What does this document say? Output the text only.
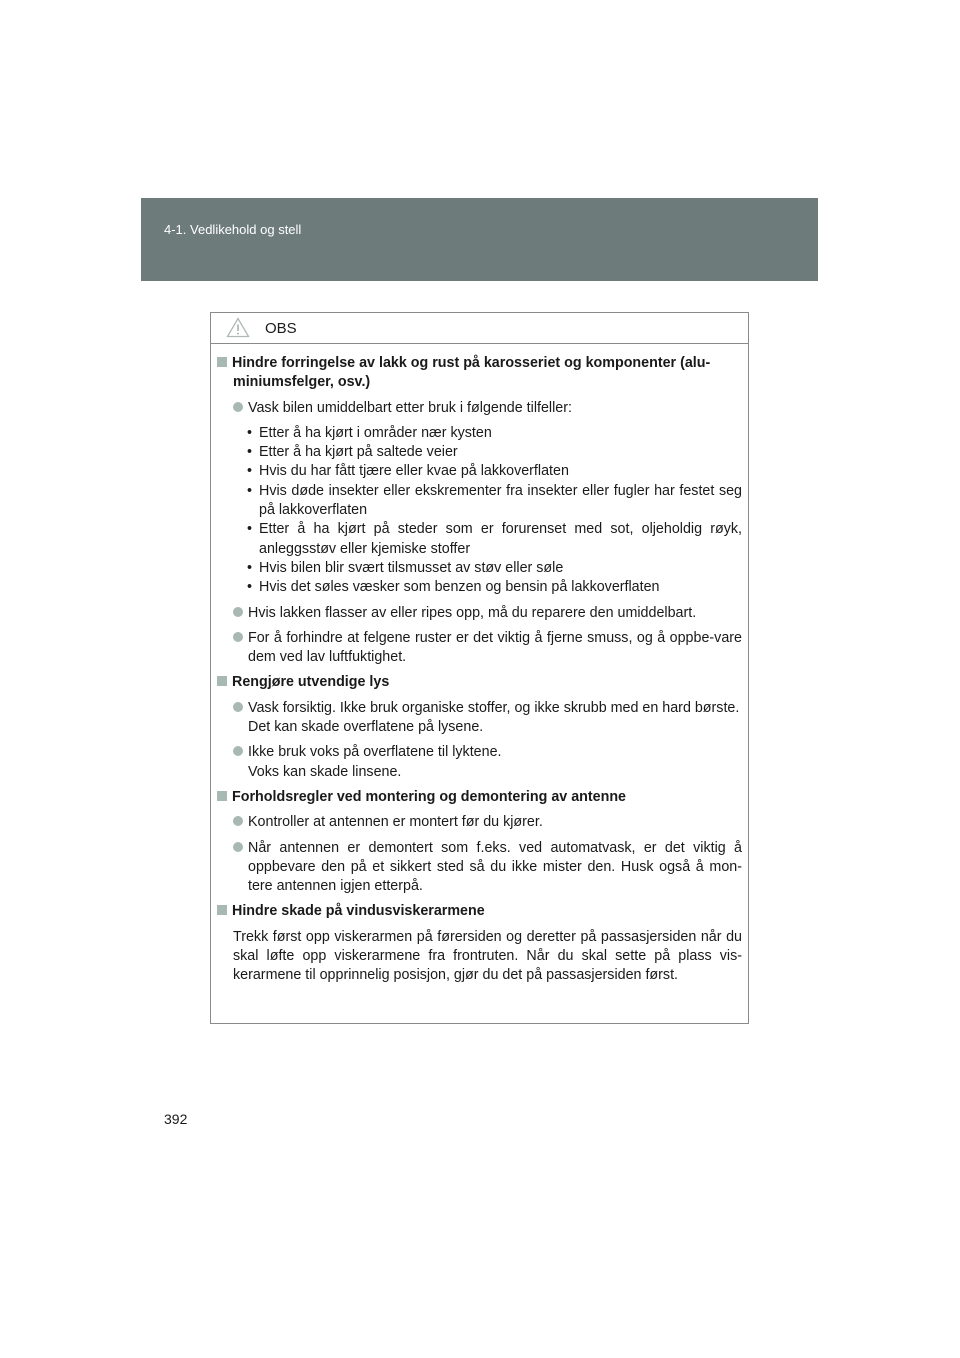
4-1. Vedlikehold og stell
OBS

Hindre forringelse av lakk og rust på karosseriet og komponenter (alu-miniumsfelger, osv.)

Vask bilen umiddelbart etter bruk i følgende tilfeller:

• Etter å ha kjørt i områder nær kysten
• Etter å ha kjørt på saltede veier
• Hvis du har fått tjære eller kvae på lakkoverflaten
• Hvis døde insekter eller ekskrementer fra insekter eller fugler har festet seg på lakkoverflaten
• Etter å ha kjørt på steder som er forurenset med sot, oljeholdig røyk, anleggsstøv eller kjemiske stoffer
• Hvis bilen blir svært tilsmusset av støv eller søle
• Hvis det søles væsker som benzen og bensin på lakkoverflaten

Hvis lakken flasser av eller ripes opp, må du reparere den umiddelbart.

For å forhindre at felgene ruster er det viktig å fjerne smuss, og å oppbe-vare dem ved lav luftfuktighet.

Rengjøre utvendige lys

Vask forsiktig. Ikke bruk organiske stoffer, og ikke skrubb med en hard børste.
Det kan skade overflatene på lysene.

Ikke bruk voks på overflatene til lyktene.
Voks kan skade linsene.

Forholdsregler ved montering og demontering av antenne

Kontroller at antennen er montert før du kjører.

Når antennen er demontert som f.eks. ved automatvask, er det viktig å oppbevare den på et sikkert sted så du ikke mister den. Husk også å mon-tere antennen igjen etterpå.

Hindre skade på vindusviskerarmene

Trekk først opp viskerarmen på førersiden og deretter på passasjersiden når du skal løfte opp viskerarmene fra frontruten. Når du skal sette på plass vis-kerarmene til opprinnelig posisjon, gjør du det på passasjersiden først.

392
